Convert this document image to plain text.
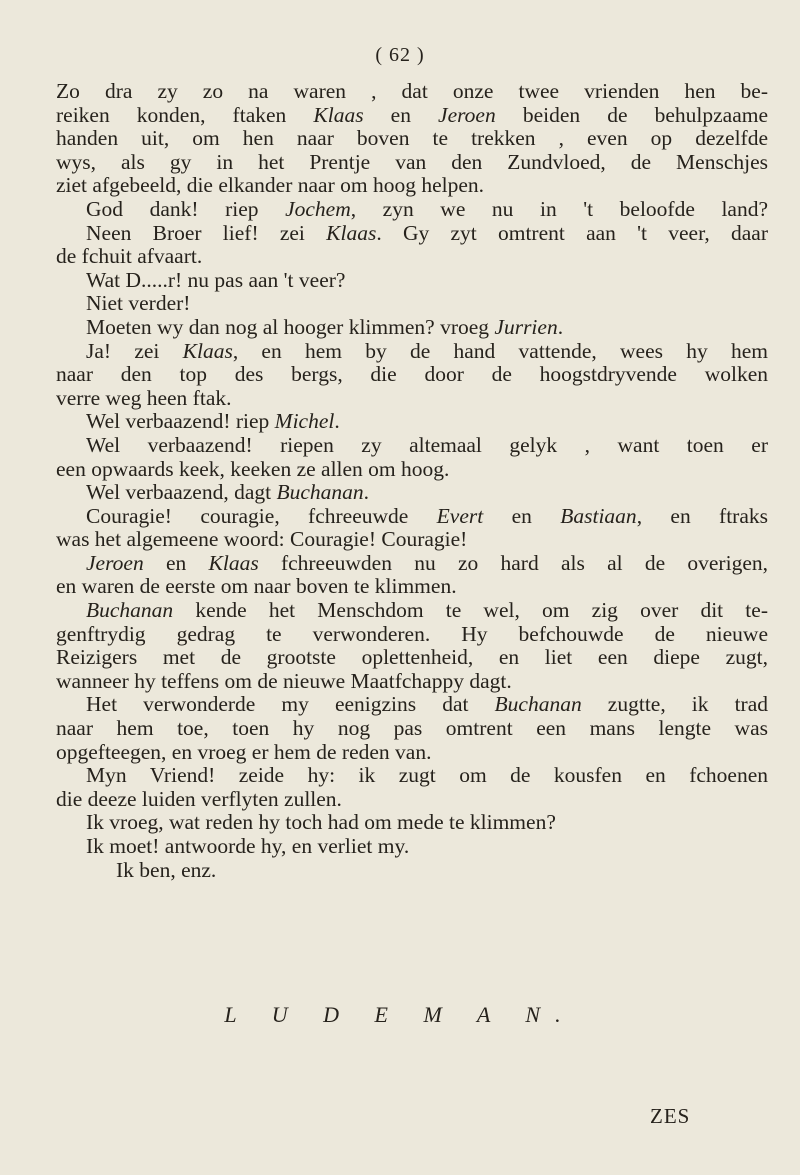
( 62 )
Zo dra zy zo na waren , dat onze twee vrienden hen be-
reiken konden, ftaken Klaas en Jeroen beiden de behulpzaame
handen uit, om hen naar boven te trekken , even op dezelfde
wys, als gy in het Prentje van den Zundvloed, de Menschjes
ziet afgebeeld, die elkander naar om hoog helpen.
God dank! riep Jochem, zyn we nu in 't beloofde land?
Neen Broer lief! zei Klaas. Gy zyt omtrent aan 't veer, daar
de fchuit afvaart.
Wat D.....r! nu pas aan 't veer?
Niet verder!
Moeten wy dan nog al hooger klimmen? vroeg Jurrien.
Ja! zei Klaas, en hem by de hand vattende, wees hy hem
naar den top des bergs, die door de hoogstdryvende wolken
verre weg heen ftak.
Wel verbaazend! riep Michel.
Wel verbaazend! riepen zy altemaal gelyk , want toen er
een opwaards keek, keeken ze allen om hoog.
Wel verbaazend, dagt Buchanan.
Couragie! couragie, fchreeuwde Evert en Bastiaan, en ftraks
was het algemeene woord: Couragie! Couragie!
Jeroen en Klaas fchreeuwden nu zo hard als al de overigen,
en waren de eerste om naar boven te klimmen.
Buchanan kende het Menschdom te wel, om zig over dit te-
genftrydig gedrag te verwonderen. Hy befchouwde de nieuwe
Reizigers met de grootste oplettenheid, en liet een diepe zugt,
wanneer hy teffens om de nieuwe Maatfchappy dagt.
Het verwonderde my eenigzins dat Buchanan zugtte, ik trad
naar hem toe, toen hy nog pas omtrent een mans lengte was
opgefteegen, en vroeg er hem de reden van.
Myn Vriend! zeide hy: ik zugt om de kousfen en fchoenen
die deeze luiden verflyten zullen.
Ik vroeg, wat reden hy toch had om mede te klimmen?
Ik moet! antwoorde hy, en verliet my.
Ik ben, enz.
L U D E M A N.
ZES
